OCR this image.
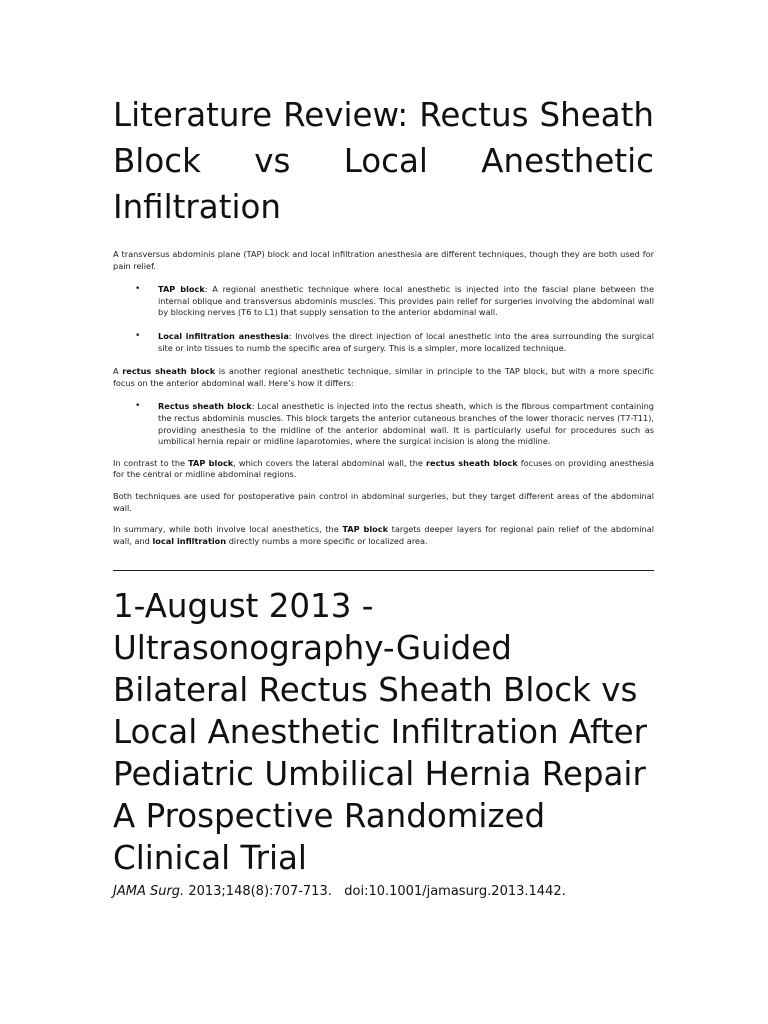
Literature Review: Rectus Sheath Block vs Local Anesthetic Infiltration

A transversus abdominis plane (TAP) block and local infiltration anesthesia are different techniques, though they are both used for pain relief.

• TAP block: A regional anesthetic technique where local anesthetic is injected into the fascial plane between the internal oblique and transversus abdominis muscles. This provides pain relief for surgeries involving the abdominal wall by blocking nerves (T6 to L1) that supply sensation to the anterior abdominal wall.
• Local infiltration anesthesia: Involves the direct injection of local anesthetic into the area surrounding the surgical site or into tissues to numb the specific area of surgery. This is a simpler, more localized technique.

A rectus sheath block is another regional anesthetic technique, similar in principle to the TAP block, but with a more specific focus on the anterior abdominal wall. Here’s how it differs:

• Rectus sheath block: Local anesthetic is injected into the rectus sheath, which is the fibrous compartment containing the rectus abdominis muscles. This block targets the anterior cutaneous branches of the lower thoracic nerves (T7-T11), providing anesthesia to the midline of the anterior abdominal wall. It is particularly useful for procedures such as umbilical hernia repair or midline laparotomies, where the surgical incision is along the midline.

In contrast to the TAP block, which covers the lateral abdominal wall, the rectus sheath block focuses on providing anesthesia for the central or midline abdominal regions.

Both techniques are used for postoperative pain control in abdominal surgeries, but they target different areas of the abdominal wall.

In summary, while both involve local anesthetics, the TAP block targets deeper layers for regional pain relief of the abdominal wall, and local infiltration directly numbs a more specific or localized area.

1-August 2013 - Ultrasonography-Guided Bilateral Rectus Sheath Block vs Local Anesthetic Infiltration After Pediatric Umbilical Hernia Repair A Prospective Randomized Clinical Trial
JAMA Surg. 2013;148(8):707-713.   doi:10.1001/jamasurg.2013.1442.
